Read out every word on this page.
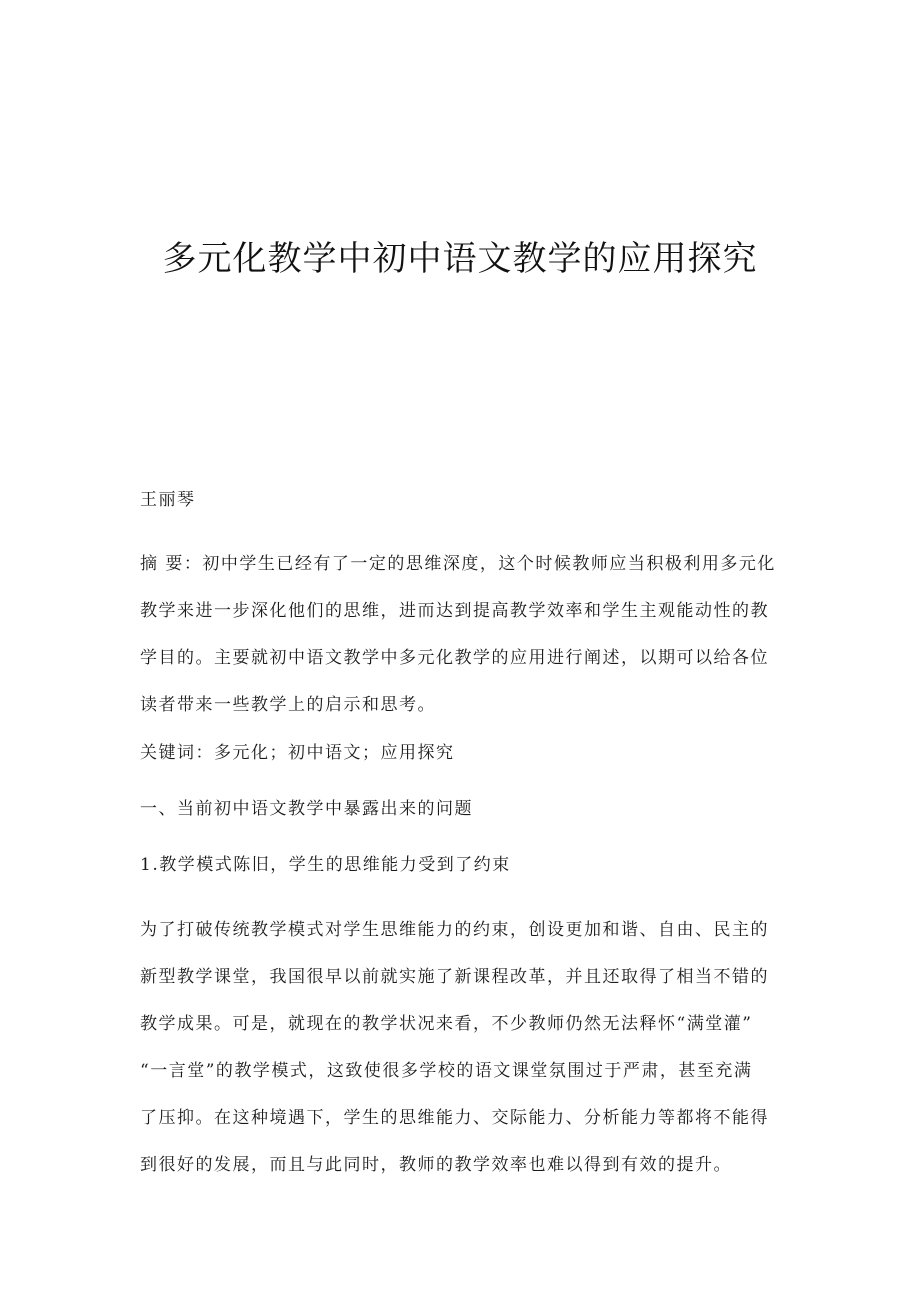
多元化教学中初中语文教学的应用探究
王丽琴
摘 要：初中学生已经有了一定的思维深度，这个时候教师应当积极利用多元化
教学来进一步深化他们的思维，进而达到提高教学效率和学生主观能动性的教
学目的。主要就初中语文教学中多元化教学的应用进行阐述，以期可以给各位
读者带来一些教学上的启示和思考。
关键词：多元化；初中语文；应用探究
一、当前初中语文教学中暴露出来的问题
1.教学模式陈旧，学生的思维能力受到了约束
为了打破传统教学模式对学生思维能力的约束，创设更加和谐、自由、民主的
新型教学课堂，我国很早以前就实施了新课程改革，并且还取得了相当不错的
教学成果。可是，就现在的教学状况来看，不少教师仍然无法释怀“满堂灌”
“一言堂”的教学模式，这致使很多学校的语文课堂氛围过于严肃，甚至充满
了压抑。在这种境遇下，学生的思维能力、交际能力、分析能力等都将不能得
到很好的发展，而且与此同时，教师的教学效率也难以得到有效的提升。
